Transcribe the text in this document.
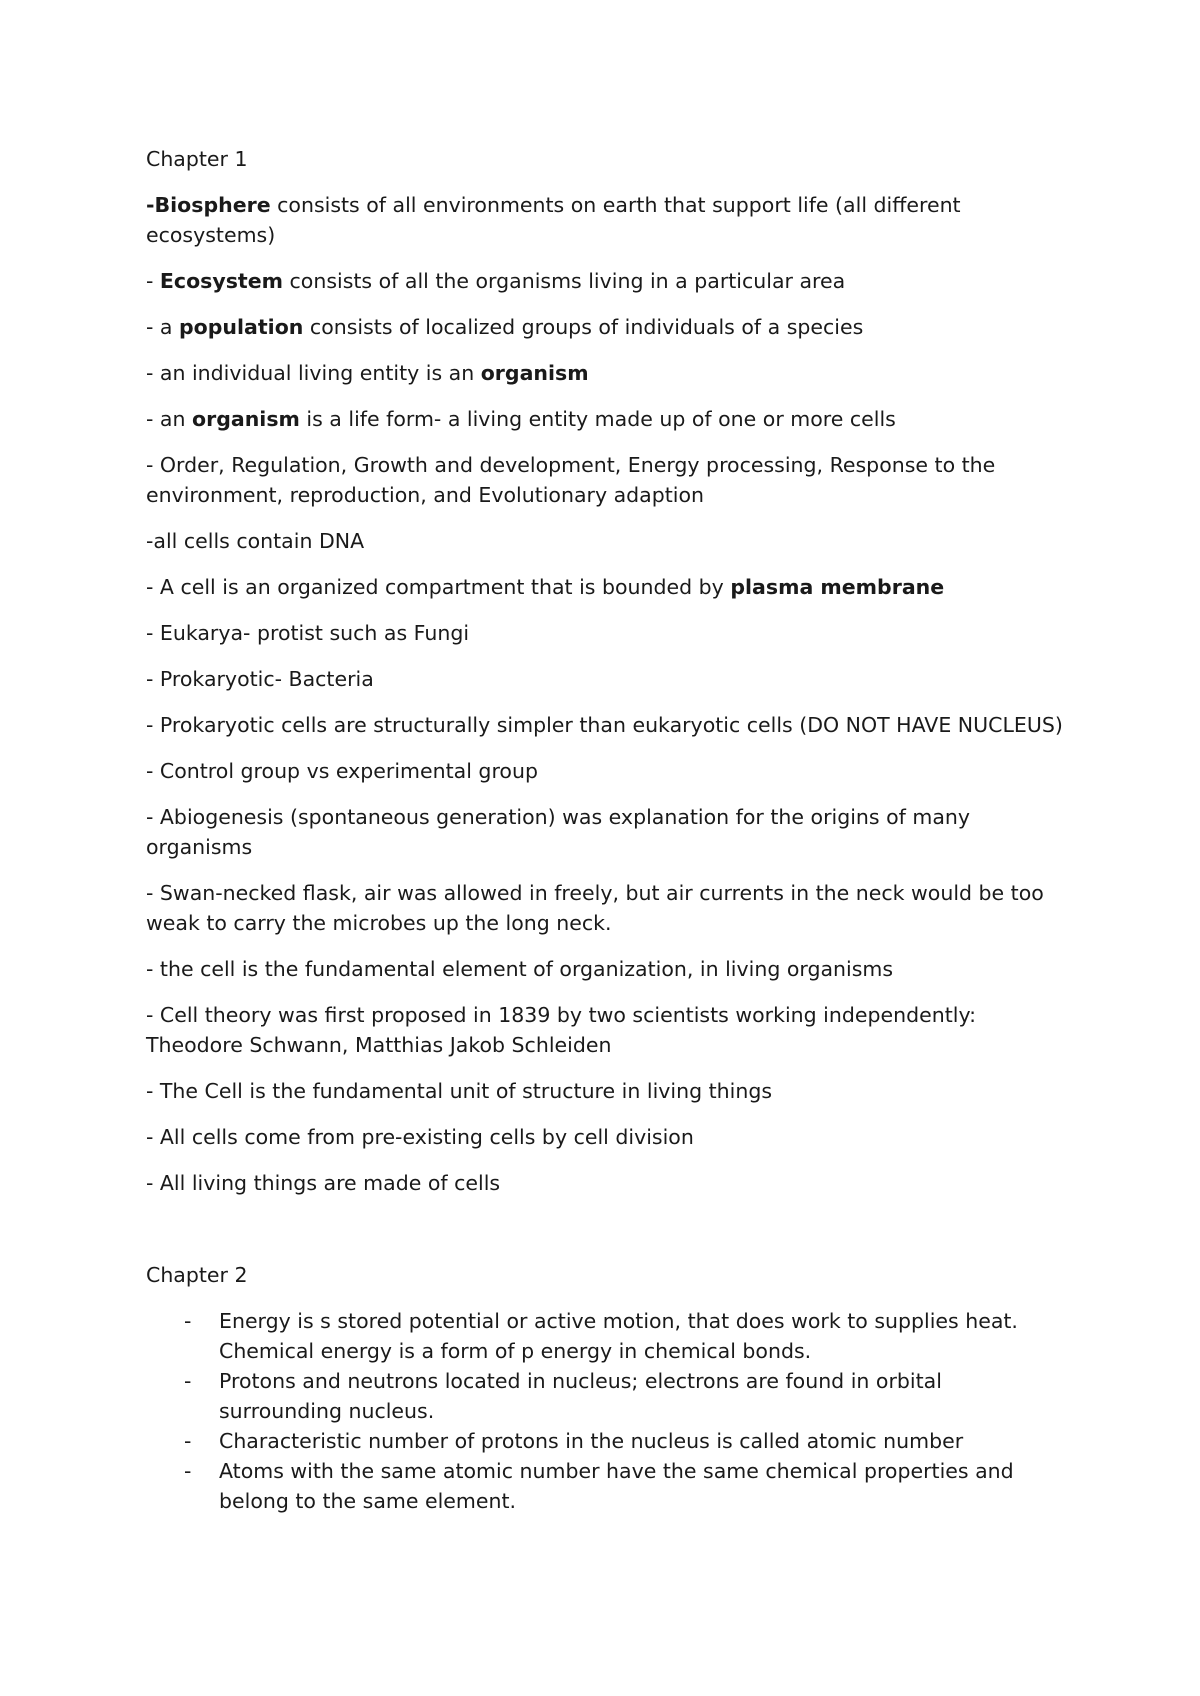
Chapter 1

-Biosphere consists of all environments on earth that support life (all different ecosystems)

- Ecosystem consists of all the organisms living in a particular area

- a population consists of localized groups of individuals of a species

- an individual living entity is an organism

- an organism is a life form- a living entity made up of one or more cells

- Order, Regulation, Growth and development, Energy processing, Response to the environment, reproduction, and Evolutionary adaption

-all cells contain DNA

- A cell is an organized compartment that is bounded by plasma membrane

- Eukarya- protist such as Fungi

- Prokaryotic- Bacteria

- Prokaryotic cells are structurally simpler than eukaryotic cells (DO NOT HAVE NUCLEUS)

- Control group vs experimental group

- Abiogenesis (spontaneous generation) was explanation for the origins of many organisms

- Swan-necked flask, air was allowed in freely, but air currents in the neck would be too weak to carry the microbes up the long neck.

- the cell is the fundamental element of organization, in living organisms

- Cell theory was first proposed in 1839 by two scientists working independently: Theodore Schwann, Matthias Jakob Schleiden

- The Cell is the fundamental unit of structure in living things

- All cells come from pre-existing cells by cell division

- All living things are made of cells

Chapter 2

- Energy is s stored potential or active motion, that does work to supplies heat. Chemical energy is a form of p energy in chemical bonds.
- Protons and neutrons located in nucleus; electrons are found in orbital surrounding nucleus.
- Characteristic number of protons in the nucleus is called atomic number
- Atoms with the same atomic number have the same chemical properties and belong to the same element.
